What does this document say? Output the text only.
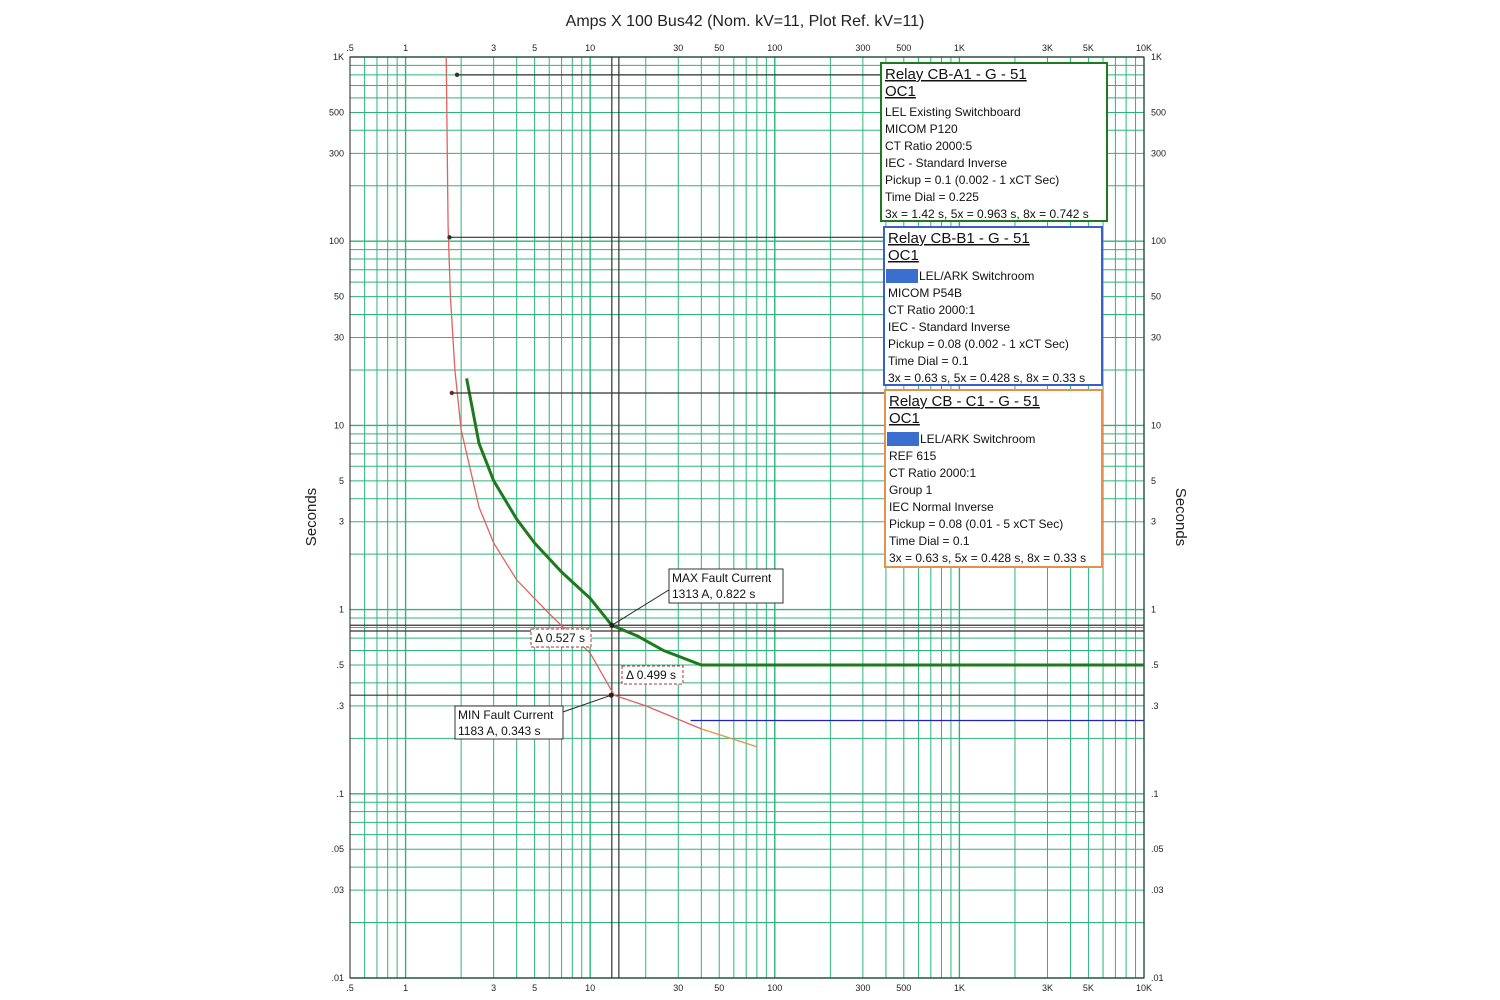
Amps X 100 Bus42 (Nom. kV=11, Plot Ref. kV=11)
.5
.5
1
1
3
3
5
5
10
10
30
30
50
50
100
100
300
300
500
500
1K
1K
3K
3K
5K
5K
10K
10K
1K	1K
500	500
300	300
100	100
50	50
30	30
10	10
5	5
3	3
1	1
.5	.5
.3	.3
.1	.1
.05	.05
.03	.03
.01	.01
Seconds	Seconds
Relay CB-A1 - G - 51
OC1
LEL Existing Switchboard
MICOM P120
CT Ratio 2000:5
IEC - Standard Inverse
Pickup = 0.1 (0.002 - 1 xCT Sec)
Time Dial = 0.225
3x = 1.42 s, 5x = 0.963 s, 8x = 0.742 s
Relay CB-B1 - G - 51
OC1
LEL/ARK Switchroom
MICOM P54B
CT Ratio 2000:1
IEC - Standard Inverse
Pickup = 0.08 (0.002 - 1 xCT Sec)
Time Dial = 0.1
3x = 0.63 s, 5x = 0.428 s, 8x = 0.33 s
Relay CB - C1 - G - 51
OC1
LEL/ARK Switchroom
REF 615
CT Ratio 2000:1
Group 1
IEC Normal Inverse
Pickup = 0.08 (0.01 - 5 xCT Sec)
Time Dial = 0.1
3x = 0.63 s, 5x = 0.428 s, 8x = 0.33 s
MAX Fault Current
1313 A, 0.822 s
MIN Fault Current
1183 A, 0.343 s
Δ 0.527 s
Δ 0.499 s
